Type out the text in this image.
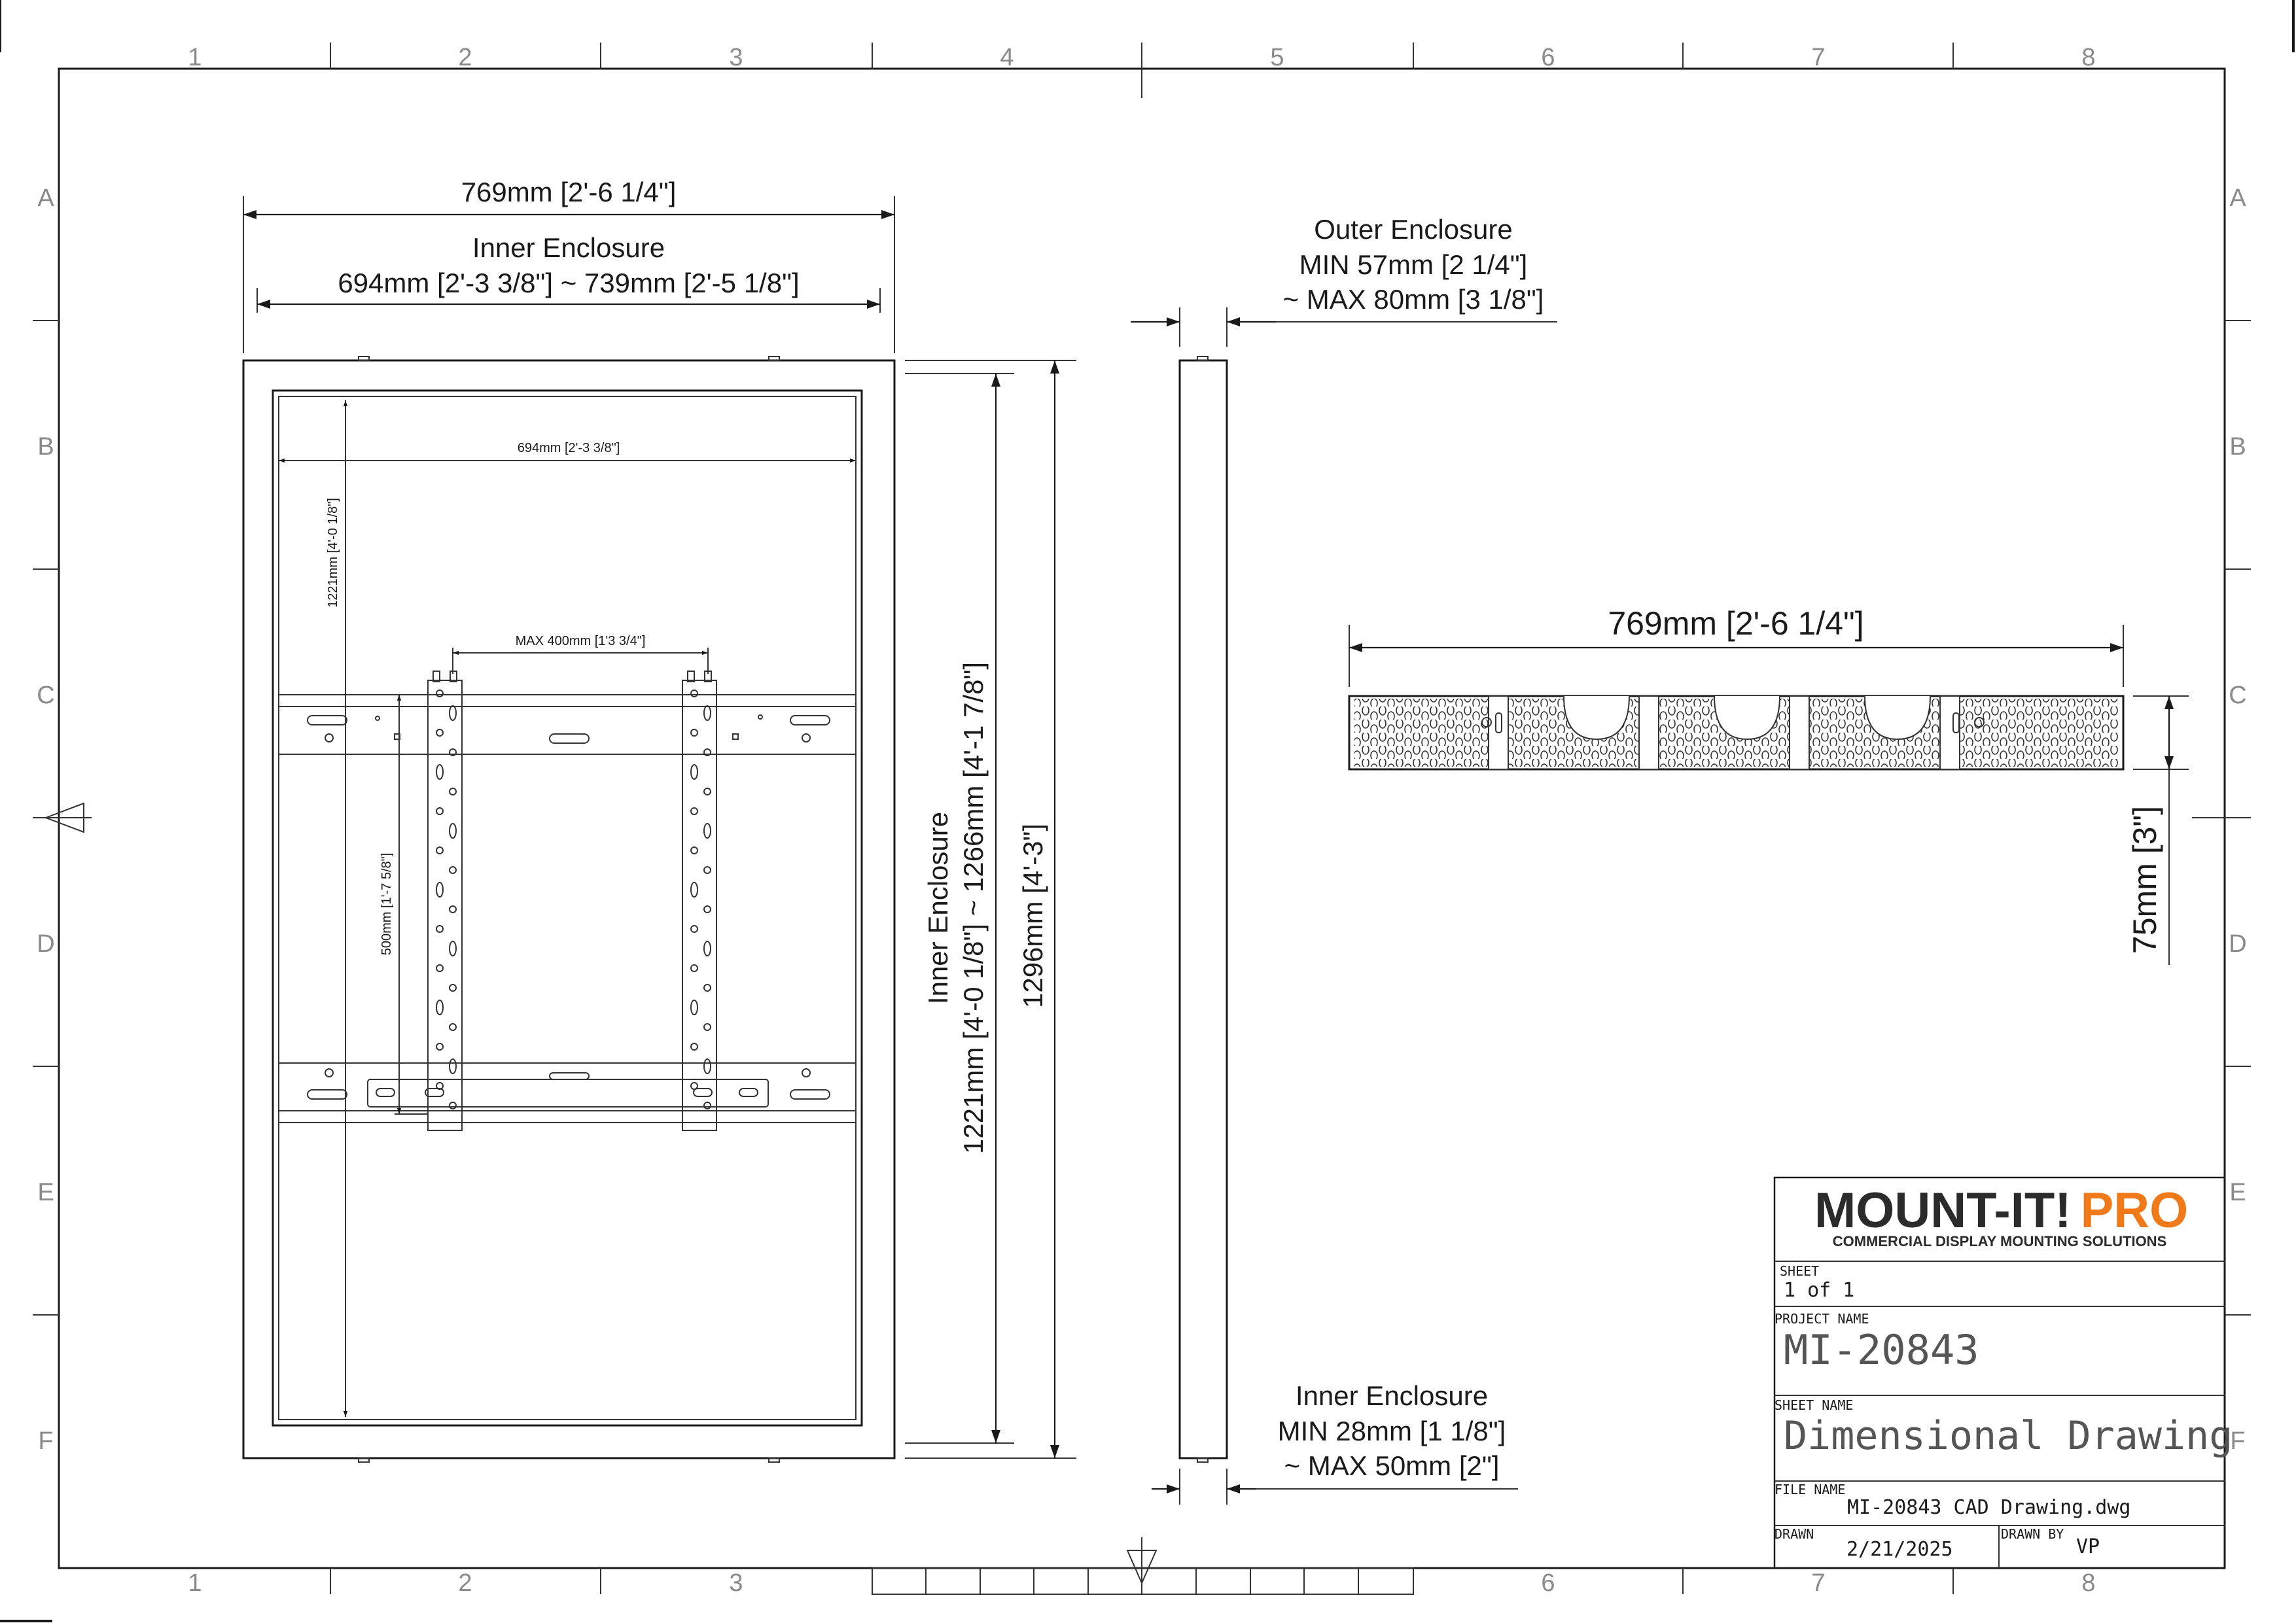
1	2	3	4	5	6	7	8
1	2	3	6	7	8
A
B
C
D
E
F
A
B
C
D
E
F
769mm [2'-6 1/4"]
Inner Enclosure
694mm [2'-3 3/8"] ~ 739mm [2'-5 1/8"]
694mm [2'-3 3/8"]
1221mm [4'-0 1/8"]
MAX 400mm [1'3 3/4"]
500mm [1'-7 5/8"]	Inner Enclosure 1221mm [4'-0 1/8"] ~ 1266mm [4'-1 7/8"] 1296mm [4'-3"]
Outer Enclosure
MIN 57mm [2 1/4"]
~ MAX 80mm [3 1/8"]
Inner Enclosure
MIN 28mm [1 1/8"]
~ MAX 50mm [2"]
769mm [2'-6 1/4"]
75mm [3"]
MOUNT-IT! PRO
COMMERCIAL DISPLAY MOUNTING SOLUTIONS
SHEET
1 of 1
PROJECT NAME
MI-20843
SHEET NAME
Dimensional Drawing
FILE NAME
MI-20843 CAD Drawing.dwg
DRAWN
2/21/2025
DRAWN BY
VP
